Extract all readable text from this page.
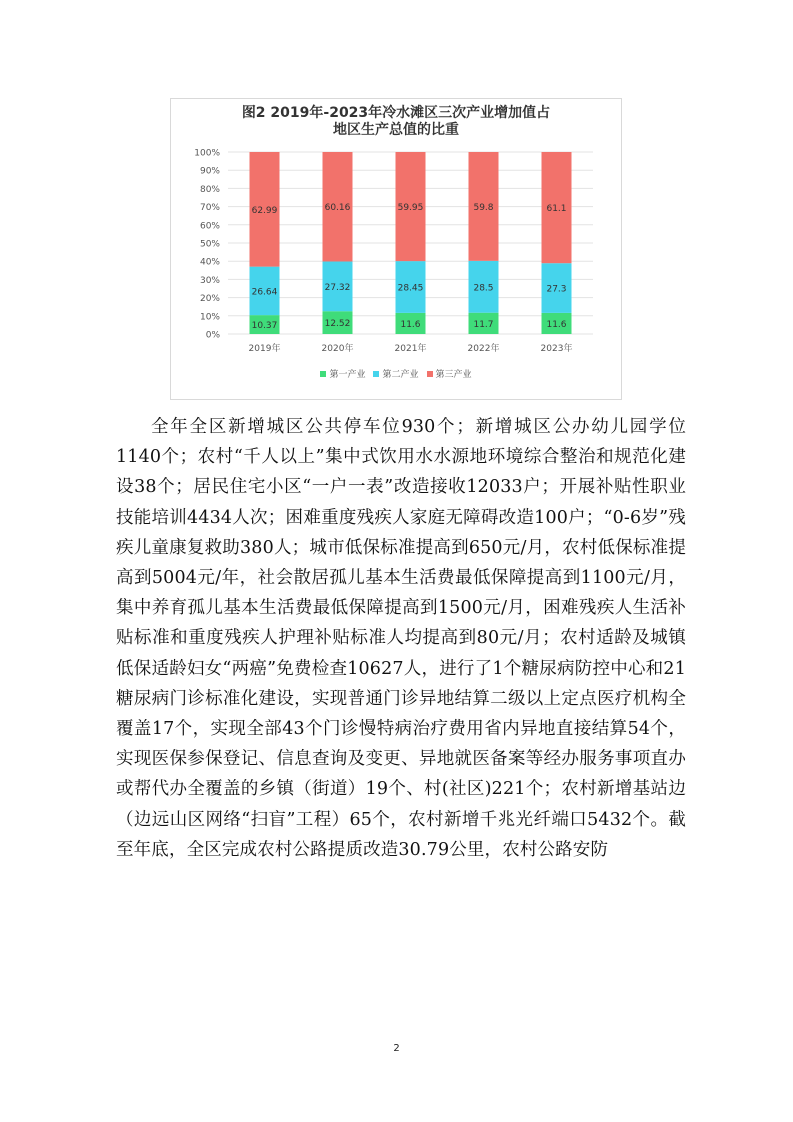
图2 2019年-2023年冷水滩区三次产业增加值占
地区生产总值的比重
0%
10%
20%
30%
40%
50%
60%
70%
80%
90%
100%
10.37
26.64
62.99
2019年
12.52
27.32
60.16
2020年
11.6
28.45
59.95
2021年
11.7
28.5
59.8
2022年
11.6
27.3
61.1
2023年
第一产业 第二产业 第三产业

全年全区新增城区公共停车位930个；新增城区公办幼儿园学位1140个；农村“千人以上”集中式饮用水水源地环境综合整治和规范化建设38个；居民住宅小区“一户一表”改造接收12033户；开展补贴性职业技能培训4434人次；困难重度残疾人家庭无障碍改造100户；“0-6岁”残疾儿童康复救助380人；城市低保标准提高到650元/月，农村低保标准提高到5004元/年，社会散居孤儿基本生活费最低保障提高到1100元/月，集中养育孤儿基本生活费最低保障提高到1500元/月，困难残疾人生活补贴标准和重度残疾人护理补贴标准人均提高到80元/月；农村适龄及城镇低保适龄妇女“两癌”免费检查10627人，进行了1个糖尿病防控中心和21糖尿病门诊标准化建设，实现普通门诊异地结算二级以上定点医疗机构全覆盖17个，实现全部43个门诊慢特病治疗费用省内异地直接结算54个，实现医保参保登记、信息查询及变更、异地就医备案等经办服务事项直办或帮代办全覆盖的乡镇（街道）19个、村(社区)221个；农村新增基站边（边远山区网络“扫盲”工程）65个，农村新增千兆光纤端口5432个。截至年底，全区完成农村公路提质改造30.79公里，农村公路安防

2
